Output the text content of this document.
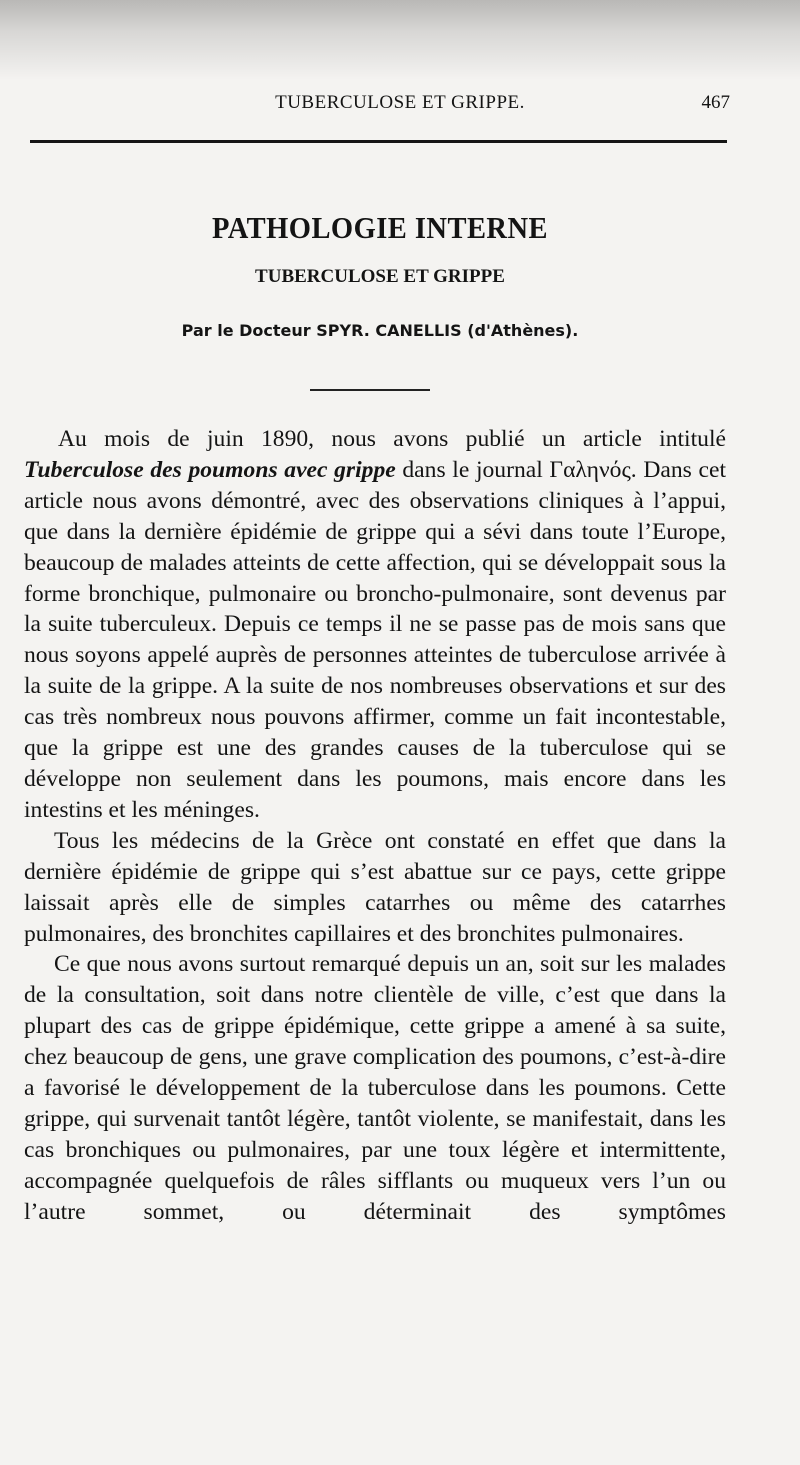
TUBERCULOSE ET GRIPPE.	467
PATHOLOGIE INTERNE
TUBERCULOSE ET GRIPPE
Par le Docteur SPYR. CANELLIS (d'Athènes).

Au mois de juin 1890, nous avons publié un article intitulé Tuberculose des poumons avec grippe dans le journal Γαληνός. Dans cet article nous avons démontré, avec des observations cliniques à l’appui, que dans la dernière épidémie de grippe qui a sévi dans toute l’Europe, beaucoup de malades atteints de cette affection, qui se développait sous la forme bronchique, pulmonaire ou broncho-pulmonaire, sont devenus par la suite tuberculeux. Depuis ce temps il ne se passe pas de mois sans que nous soyons appelé auprès de personnes atteintes de tuberculose arrivée à la suite de la grippe. A la suite de nos nombreuses observations et sur des cas très nombreux nous pouvons affirmer, comme un fait incontestable, que la grippe est une des grandes causes de la tuberculose qui se développe non seulement dans les poumons, mais encore dans les intestins et les méninges.

Tous les médecins de la Grèce ont constaté en effet que dans la dernière épidémie de grippe qui s’est abattue sur ce pays, cette grippe laissait après elle de simples catarrhes ou même des catarrhes pulmonaires, des bronchites capillaires et des bronchites pulmonaires.

Ce que nous avons surtout remarqué depuis un an, soit sur les malades de la consultation, soit dans notre clientèle de ville, c’est que dans la plupart des cas de grippe épidémique, cette grippe a amené à sa suite, chez beaucoup de gens, une grave complication des poumons, c’est-à-dire a favorisé le développement de la tuberculose dans les poumons. Cette grippe, qui survenait tantôt légère, tantôt violente, se manifestait, dans les cas bronchiques ou pulmonaires, par une toux légère et intermittente, accompagnée quelquefois de râles sifflants ou muqueux vers l’un ou l’autre sommet, ou déterminait des symptômes
